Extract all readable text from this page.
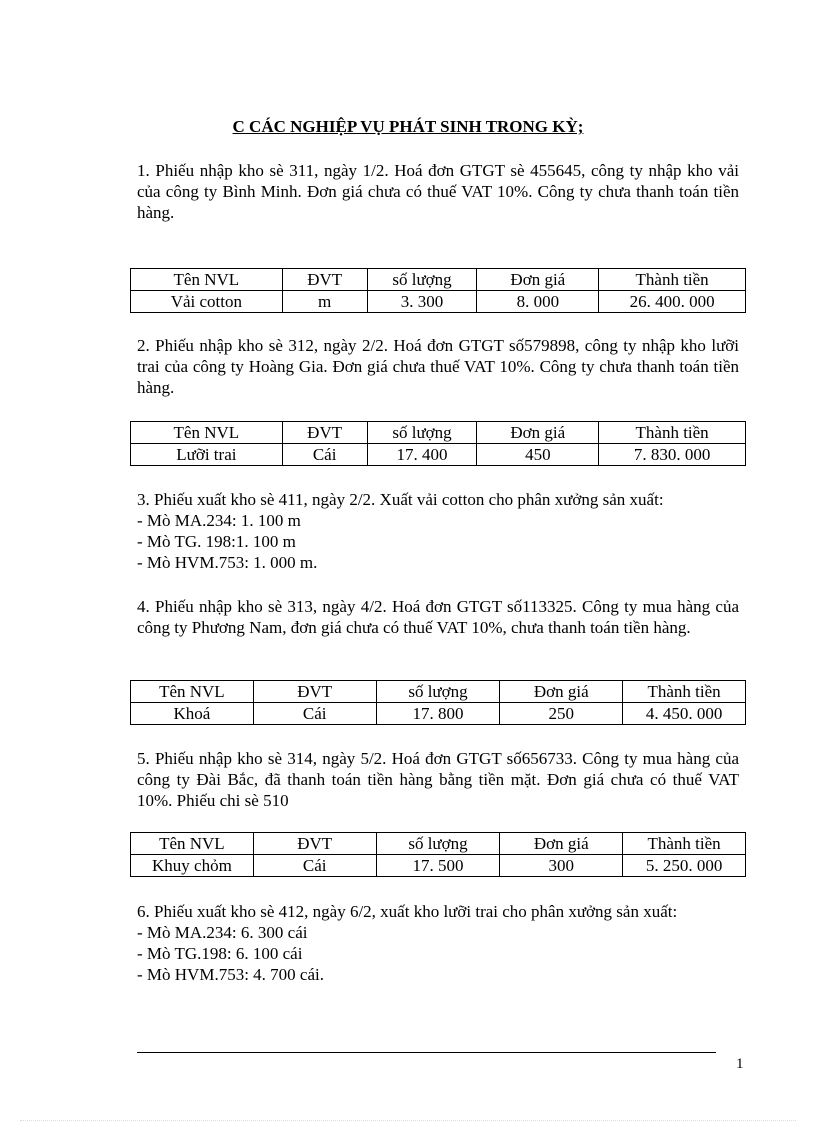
C CÁC NGHIỆP VỤ PHÁT SINH TRONG KỲ;

1. Phiếu nhập kho sè 311, ngày 1/2. Hoá đơn GTGT sè 455645, công ty nhập kho vải của công ty Bình Minh. Đơn giá chưa có thuế VAT 10%. Công ty chưa thanh toán tiền hàng.

Tên NVL	ĐVT	số lượng	Đơn giá	Thành tiền
Vải cotton	m	3. 300	8. 000	26. 400. 000

2. Phiếu nhập kho sè 312, ngày 2/2. Hoá đơn GTGT số579898, công ty nhập kho lưỡi trai của công ty Hoàng Gia. Đơn giá chưa thuế VAT 10%. Công ty chưa thanh toán tiền hàng.

Tên NVL	ĐVT	số lượng	Đơn giá	Thành tiền
Lưỡi trai	Cái	17. 400	450	7. 830. 000
3. Phiếu xuất kho sè 411, ngày 2/2. Xuất vải cotton cho phân xưởng sản xuất:
- Mò MA.234: 1. 100 m
- Mò TG. 198:1. 100 m
- Mò HVM.753: 1. 000 m.

4. Phiếu nhập kho sè 313, ngày 4/2. Hoá đơn GTGT số113325. Công ty mua hàng của công ty Phương Nam, đơn giá chưa có thuế VAT 10%, chưa thanh toán tiền hàng.

Tên NVL	ĐVT	số lượng	Đơn giá	Thành tiền
Khoá	Cái	17. 800	250	4. 450. 000

5. Phiếu nhập kho sè 314, ngày 5/2. Hoá đơn GTGT số656733. Công ty mua hàng của công ty Đài Bắc, đã thanh toán tiền hàng bằng tiền mặt. Đơn giá chưa có thuế VAT 10%. Phiếu chi sè 510

Tên NVL	ĐVT	số lượng	Đơn giá	Thành tiền
Khuy chỏm	Cái	17. 500	300	5. 250. 000
6. Phiếu xuất kho sè 412, ngày 6/2, xuất kho lưỡi trai cho phân xưởng sản xuất:
- Mò MA.234: 6. 300 cái
- Mò TG.198: 6. 100 cái
- Mò HVM.753: 4. 700 cái.
1
